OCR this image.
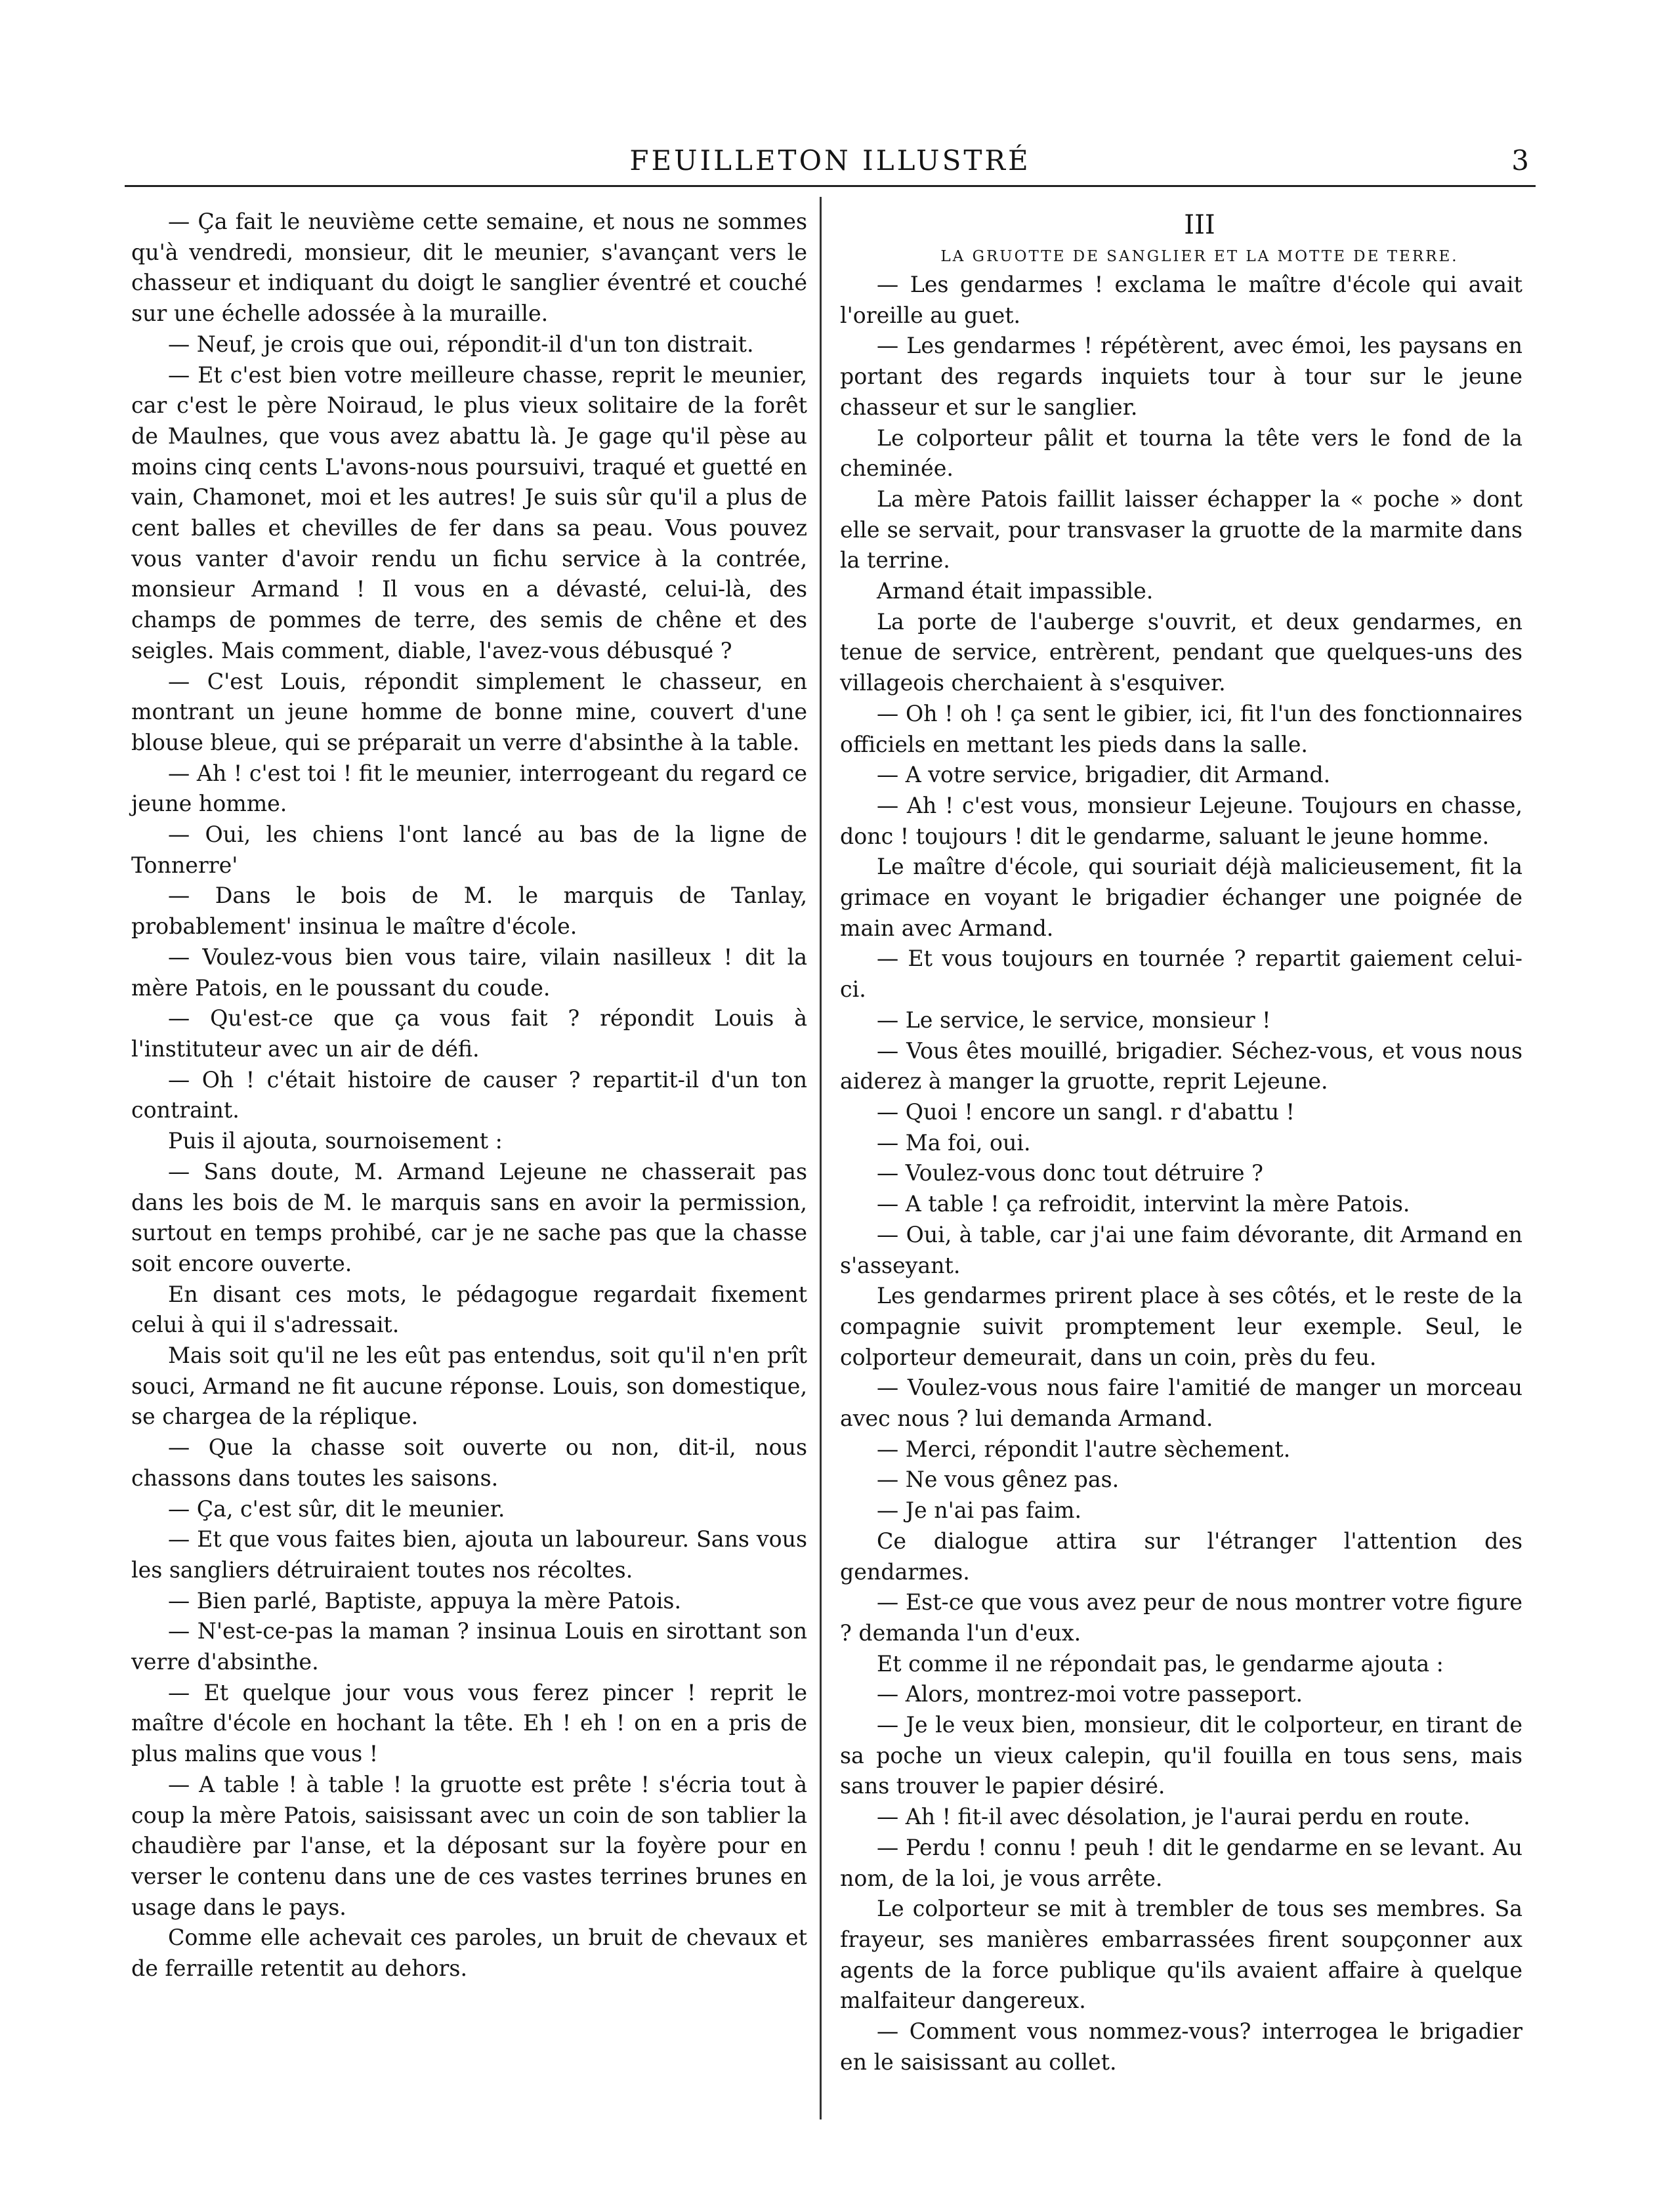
FEUILLETON ILLUSTRÉ	3

— Ça fait le neuvième cette semaine, et nous ne sommes qu'à vendredi, monsieur, dit le meunier, s'avançant vers le chasseur et indiquant du doigt le sanglier éventré et couché sur une échelle adossée à la muraille.

— Neuf, je crois que oui, répondit-il d'un ton distrait.

— Et c'est bien votre meilleure chasse, reprit le meunier, car c'est le père Noiraud, le plus vieux solitaire de la forêt de Maulnes, que vous avez abattu là. Je gage qu'il pèse au moins cinq cents L'avons-nous poursuivi, traqué et guetté en vain, Chamonet, moi et les autres! Je suis sûr qu'il a plus de cent balles et chevilles de fer dans sa peau. Vous pouvez vous vanter d'avoir rendu un fichu service à la contrée, monsieur Armand ! Il vous en a dévasté, celui-là, des champs de pommes de terre, des semis de chêne et des seigles. Mais comment, diable, l'avez-vous débusqué ?

— C'est Louis, répondit simplement le chasseur, en montrant un jeune homme de bonne mine, couvert d'une blouse bleue, qui se préparait un verre d'absinthe à la table.

— Ah ! c'est toi ! fit le meunier, interrogeant du regard ce jeune homme.

— Oui, les chiens l'ont lancé au bas de la ligne de Tonnerre'

— Dans le bois de M. le marquis de Tanlay, probablement' insinua le maître d'école.

— Voulez-vous bien vous taire, vilain nasilleux ! dit la mère Patois, en le poussant du coude.

— Qu'est-ce que ça vous fait ? répondit Louis à l'instituteur avec un air de défi.

— Oh ! c'était histoire de causer ? repartit-il d'un ton contraint.

Puis il ajouta, sournoisement :

— Sans doute, M. Armand Lejeune ne chasserait pas dans les bois de M. le marquis sans en avoir la permission, surtout en temps prohibé, car je ne sache pas que la chasse soit encore ouverte.

En disant ces mots, le pédagogue regardait fixement celui à qui il s'adressait.

Mais soit qu'il ne les eût pas entendus, soit qu'il n'en prît souci, Armand ne fit aucune réponse. Louis, son domestique, se chargea de la réplique.

— Que la chasse soit ouverte ou non, dit-il, nous chassons dans toutes les saisons.

— Ça, c'est sûr, dit le meunier.

— Et que vous faites bien, ajouta un laboureur. Sans vous les sangliers détruiraient toutes nos récoltes.

— Bien parlé, Baptiste, appuya la mère Patois.

— N'est-ce-pas la maman ? insinua Louis en sirottant son verre d'absinthe.

— Et quelque jour vous vous ferez pincer ! reprit le maître d'école en hochant la tête. Eh ! eh ! on en a pris de plus malins que vous !

— A table ! à table ! la gruotte est prête ! s'écria tout à coup la mère Patois, saisissant avec un coin de son tablier la chaudière par l'anse, et la déposant sur la foyère pour en verser le contenu dans une de ces vastes terrines brunes en usage dans le pays.

Comme elle achevait ces paroles, un bruit de chevaux et de ferraille retentit au dehors.

III

LA GRUOTTE DE SANGLIER ET LA MOTTE DE TERRE.

— Les gendarmes ! exclama le maître d'école qui avait l'oreille au guet.

— Les gendarmes ! répétèrent, avec émoi, les paysans en portant des regards inquiets tour à tour sur le jeune chasseur et sur le sanglier.

Le colporteur pâlit et tourna la tête vers le fond de la cheminée.

La mère Patois faillit laisser échapper la « poche » dont elle se servait, pour transvaser la gruotte de la marmite dans la terrine.

Armand était impassible.

La porte de l'auberge s'ouvrit, et deux gendarmes, en tenue de service, entrèrent, pendant que quelques-uns des villageois cherchaient à s'esquiver.

— Oh ! oh ! ça sent le gibier, ici, fit l'un des fonctionnaires officiels en mettant les pieds dans la salle.

— A votre service, brigadier, dit Armand.

— Ah ! c'est vous, monsieur Lejeune. Toujours en chasse, donc ! toujours ! dit le gendarme, saluant le jeune homme.

Le maître d'école, qui souriait déjà malicieusement, fit la grimace en voyant le brigadier échanger une poignée de main avec Armand.

— Et vous toujours en tournée ? repartit gaiement celui-ci.

— Le service, le service, monsieur !

— Vous êtes mouillé, brigadier. Séchez-vous, et vous nous aiderez à manger la gruotte, reprit Lejeune.

— Quoi ! encore un sangl. r d'abattu !

— Ma foi, oui.

— Voulez-vous donc tout détruire ?

— A table ! ça refroidit, intervint la mère Patois.

— Oui, à table, car j'ai une faim dévorante, dit Armand en s'asseyant.

Les gendarmes prirent place à ses côtés, et le reste de la compagnie suivit promptement leur exemple. Seul, le colporteur demeurait, dans un coin, près du feu.

— Voulez-vous nous faire l'amitié de manger un morceau avec nous ? lui demanda Armand.

— Merci, répondit l'autre sèchement.

— Ne vous gênez pas.

— Je n'ai pas faim.

Ce dialogue attira sur l'étranger l'attention des gendarmes.

— Est-ce que vous avez peur de nous montrer votre figure ? demanda l'un d'eux.

Et comme il ne répondait pas, le gendarme ajouta :

— Alors, montrez-moi votre passeport.

— Je le veux bien, monsieur, dit le colporteur, en tirant de sa poche un vieux calepin, qu'il fouilla en tous sens, mais sans trouver le papier désiré.

— Ah ! fit-il avec désolation, je l'aurai perdu en route.

— Perdu ! connu ! peuh ! dit le gendarme en se levant. Au nom, de la loi, je vous arrête.

Le colporteur se mit à trembler de tous ses membres. Sa frayeur, ses manières embarrassées firent soupçonner aux agents de la force publique qu'ils avaient affaire à quelque malfaiteur dangereux.

— Comment vous nommez-vous? interrogea le brigadier en le saisissant au collet.
